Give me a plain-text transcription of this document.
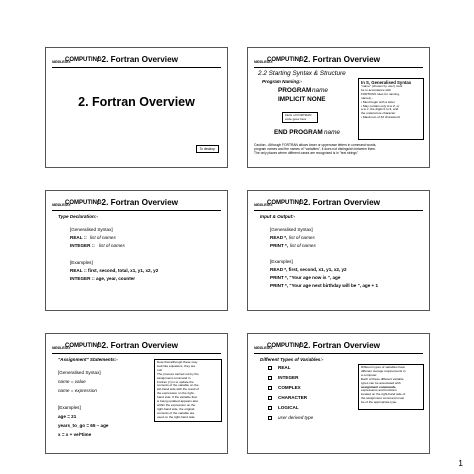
MIDDLESEX
COMPUTING
/ 2. Fortran Overview
2. Fortran Overview
To desktop
MIDDLESEX
COMPUTING
/ 2. Fortran Overview
2.2 Starting Syntax & Structure
Program Naming:-
PROGRAM name
IMPLICIT NONE
block of FORTRAN
code goes here
END PROGRAM name
In S, Generalised Syntax
"name" (chosen by user) must
be in accordance with
FORTRAN rules for naming,
namely:-
• Must begin with a letter
• May contain only A to Z, or
a to z, the digits 0 to 9, and
the underscore character
• Maximum of 32 characters!
Caution:- Although FORTRAN allows lower or uppercase letters in command words,
program names and the names of "variables", it does not distinguish between them.
The only places where different cases are recognised is in "text strings"
MIDDLESEX
COMPUTING
/ 2. Fortran Overview
Type Declaration:-
[Generalised Syntax]
REAL :: list of names
INTEGER :: list of names
[Examples]
REAL :: first, second, total, x1, y1, x2, y2
INTEGER :: age, year, counter
MIDDLESEX
COMPUTING
/ 2. Fortran Overview
Input & Output:-
[Generalised Syntax]
READ *, list of names
PRINT *, list of names
[Examples]
READ *, first, second, x1, y1, x2, y2
PRINT *, "Your age now is ", age
PRINT *, "Your age next birthday will be ", age + 1
MIDDLESEX
COMPUTING
/ 2. Fortran Overview
"Assignment" Statements:-
[Generalised Syntax]
name = value
name = expression
[Examples]
age = 21
years_to_go = 65 – age
x = x + vel*time
Note that although these may
look like equations, they are
not!
The process carried out by the
assignment command in
Fortran (=) is to update the
contents of the variable on the
left-hand side with the result of
the expression on the right-
hand side. If the variable that
is being updated appears also
within the expression on the
right-hand side, the original
contents of the variable are
used on the right-hand side.
MIDDLESEX
COMPUTING
/ 2. Fortran Overview
Different Types of Variables:-
REAL
INTEGER
COMPLEX
CHARACTER
LOGICAL
user derived type
Different types of variables have
different storage requirements in
a computer.
Each of these different variable
types can be associated with
assignment commands,
expressions and functions
located on the right-hand side of
the assignment command must
be of the appropriate type.
1
